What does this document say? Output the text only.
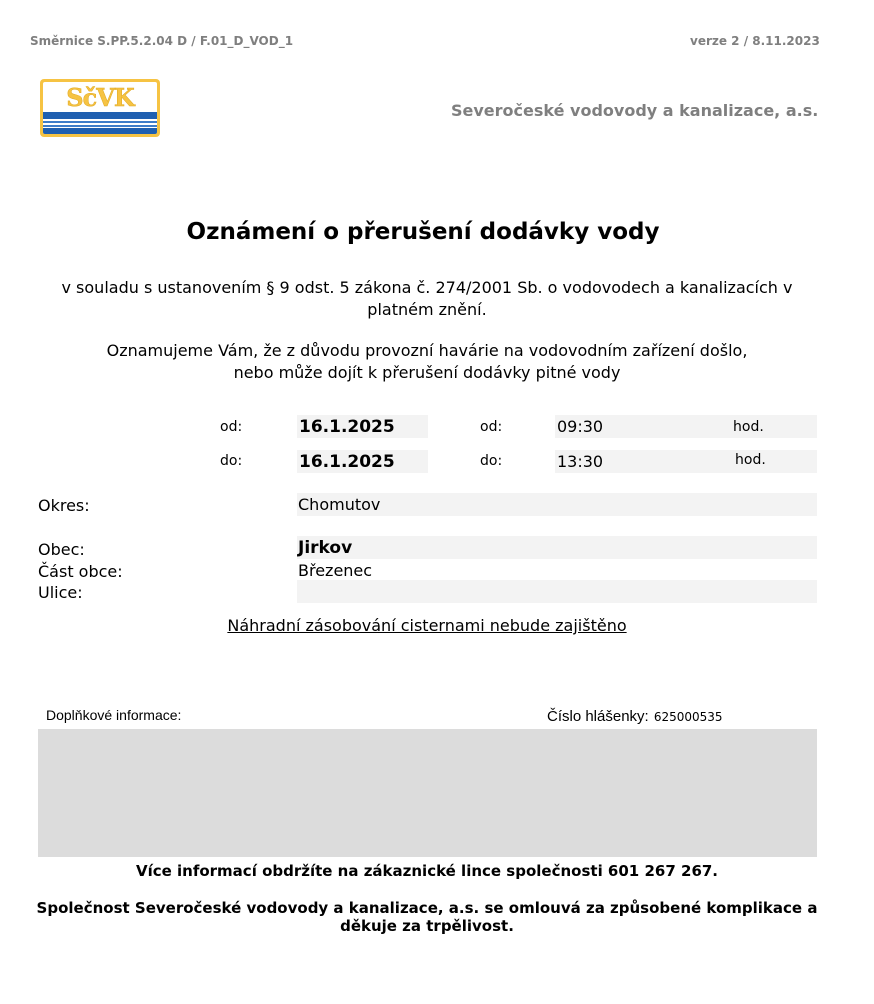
Směrnice S.PP.5.2.04 D / F.01_D_VOD_1	verze 2 / 8.11.2023
SčVK	Severočeské vodovody a kanalizace, a.s.
Oznámení o přerušení dodávky vody
v souladu s ustanovením § 9 odst. 5 zákona č. 274/2001 Sb. o vodovodech a kanalizacích v platném znění.
Oznamujeme Vám, že z důvodu provozní havárie na vodovodním zařízení došlo, nebo může dojít k přerušení dodávky pitné vody
od:	16.1.2025	od:	09:30	hod.
do:	16.1.2025	do:	13:30	hod.
Okres:	Chomutov
Obec:	Jirkov
Část obce:	Březenec
Ulice:
Náhradní zásobování cisternami nebude zajištěno
Doplňkové informace:	Číslo hlášenky: 625000535
Více informací obdržíte na zákaznické lince společnosti 601 267 267.
Společnost Severočeské vodovody a kanalizace, a.s. se omlouvá za způsobené komplikace a děkuje za trpělivost.
